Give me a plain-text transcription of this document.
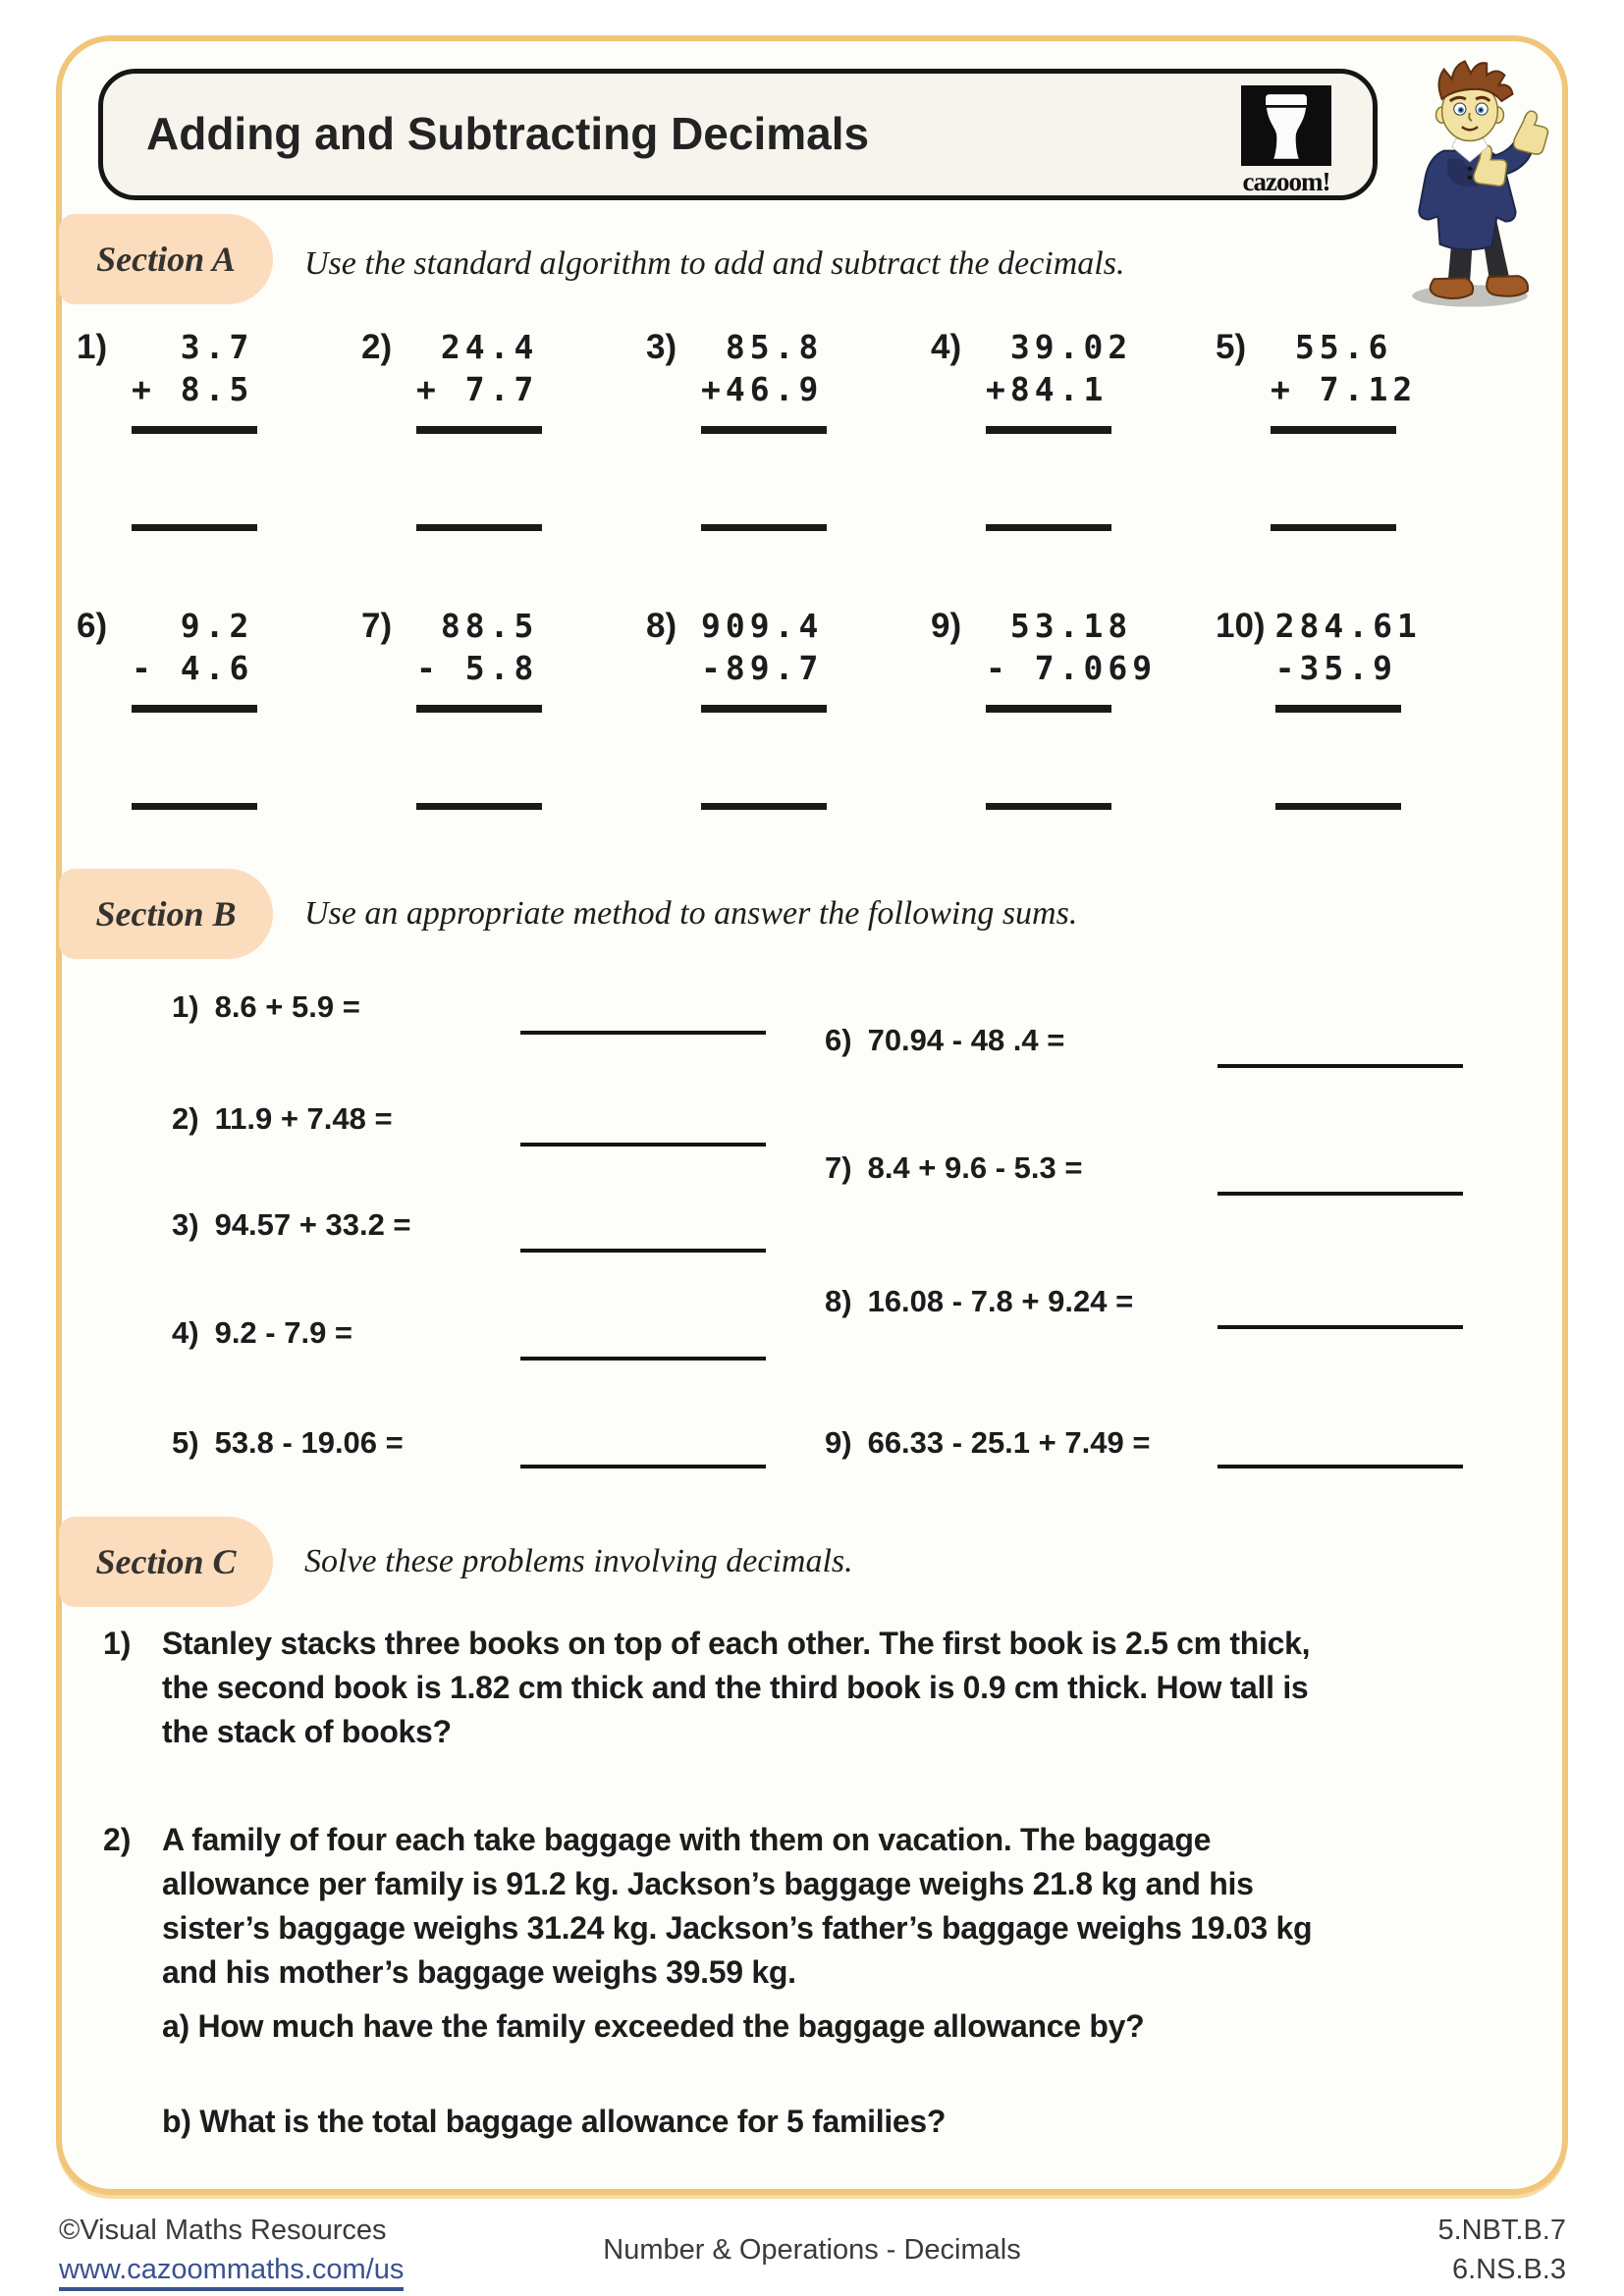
Adding and Subtracting Decimals
cazoom!
Section A Use the standard algorithm to add and subtract the decimals.
1) 3.7
+ 8.5
2) 24.4
+ 7.7
3) 85.8
+46.9
4) 39.02
+84.1
5) 55.6
+ 7.12
6) 9.2
- 4.6
7) 88.5
- 5.8
8) 909.4
-89.7
9) 53.18
- 7.069
10) 284.61
-35.9
Section B Use an appropriate method to answer the following sums.
1) 8.6 + 5.9 =
2) 11.9 + 7.48 =
3) 94.57 + 33.2 =
4) 9.2 - 7.9 =
5) 53.8 - 19.06 =
6) 70.94 - 48 .4 =
7) 8.4 + 9.6 - 5.3 =
8) 16.08 - 7.8 + 9.24 =
9) 66.33 - 25.1 + 7.49 =
Section C Solve these problems involving decimals.
1) Stanley stacks three books on top of each other. The first book is 2.5 cm thick,
the second book is 1.82 cm thick and the third book is 0.9 cm thick. How tall is
the stack of books?
2) A family of four each take baggage with them on vacation. The baggage
allowance per family is 91.2 kg. Jackson’s baggage weighs 21.8 kg and his
sister’s baggage weighs 31.24 kg. Jackson’s father’s baggage weighs 19.03 kg
and his mother’s baggage weighs 39.59 kg.
a) How much have the family exceeded the baggage allowance by?
b) What is the total baggage allowance for 5 families?
©Visual Maths Resources
www.cazoommaths.com/us
Number & Operations - Decimals
5.NBT.B.7
6.NS.B.3
